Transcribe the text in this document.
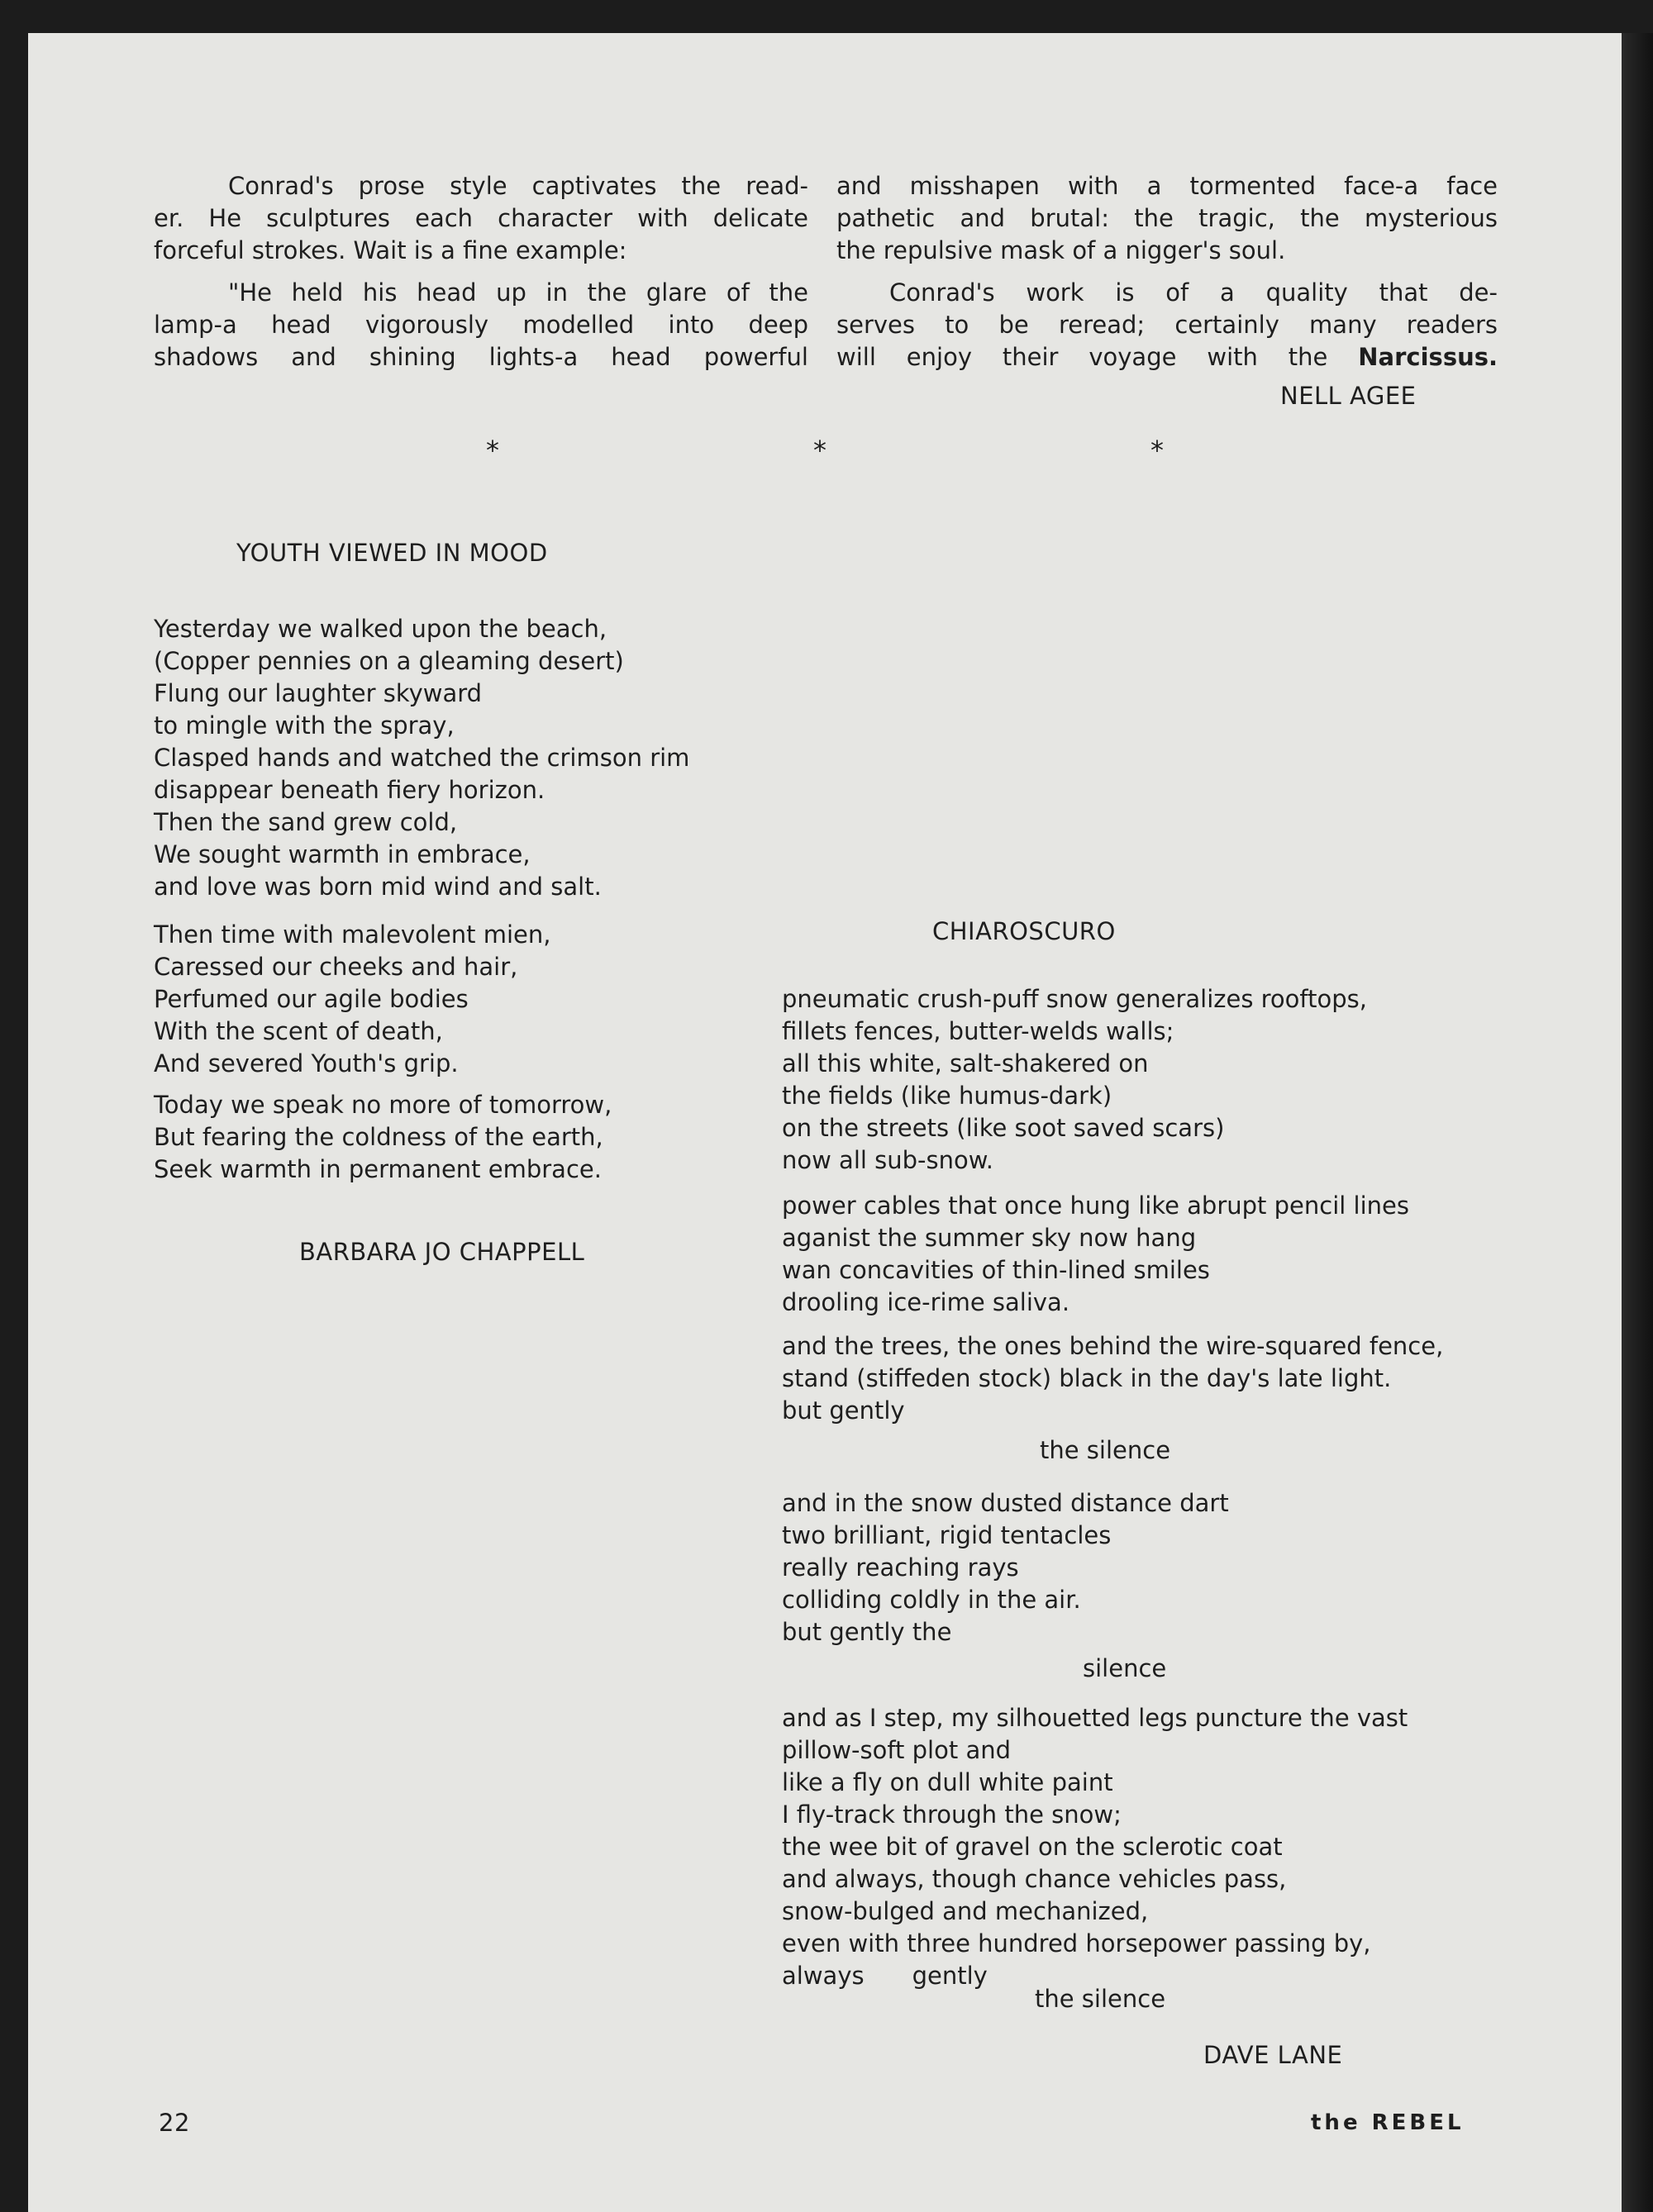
Conrad's prose style captivates the read-

er. He sculptures each character with delicate

forceful strokes. Wait is a fine example:

"He held his head up in the glare of the

lamp-a head vigorously modelled into deep

shadows and shining lights-a head powerful

and misshapen with a tormented face-a face

pathetic and brutal: the tragic, the mysterious

the repulsive mask of a nigger's soul.

Conrad's work is of a quality that de-

serves to be reread; certainly many readers

will enjoy their voyage with the Narcissus.

NELL AGEE
*	*	*
YOUTH VIEWED IN MOOD
Yesterday we walked upon the beach,
(Copper pennies on a gleaming desert)
Flung our laughter skyward
to mingle with the spray,
Clasped hands and watched the crimson rim
disappear beneath fiery horizon.
Then the sand grew cold,
We sought warmth in embrace,
and love was born mid wind and salt.
Then time with malevolent mien,
Caressed our cheeks and hair,
Perfumed our agile bodies
With the scent of death,
And severed Youth's grip.
Today we speak no more of tomorrow,
But fearing the coldness of the earth,
Seek warmth in permanent embrace.
BARBARA JO CHAPPELL
CHIAROSCURO
pneumatic crush-puff snow generalizes rooftops,
fillets fences, butter-welds walls;
all this white, salt-shakered on
the fields (like humus-dark)
on the streets (like soot saved scars)
now all sub-snow.
power cables that once hung like abrupt pencil lines
aganist the summer sky now hang
wan concavities of thin-lined smiles
drooling ice-rime saliva.
and the trees, the ones behind the wire-squared fence,
stand (stiffeden stock) black in the day's late light.
but gently
the silence
and in the snow dusted distance dart
two brilliant, rigid tentacles
really reaching rays
colliding coldly in the air.
but gently the
silence
and as I step, my silhouetted legs puncture the vast
pillow-soft plot and
like a fly on dull white paint
I fly-track through the snow;
the wee bit of gravel on the sclerotic coat
and always, though chance vehicles pass,
snow-bulged and mechanized,
even with three hundred horsepower passing by,
always gently
the silence
DAVE LANE
22	the REBEL
